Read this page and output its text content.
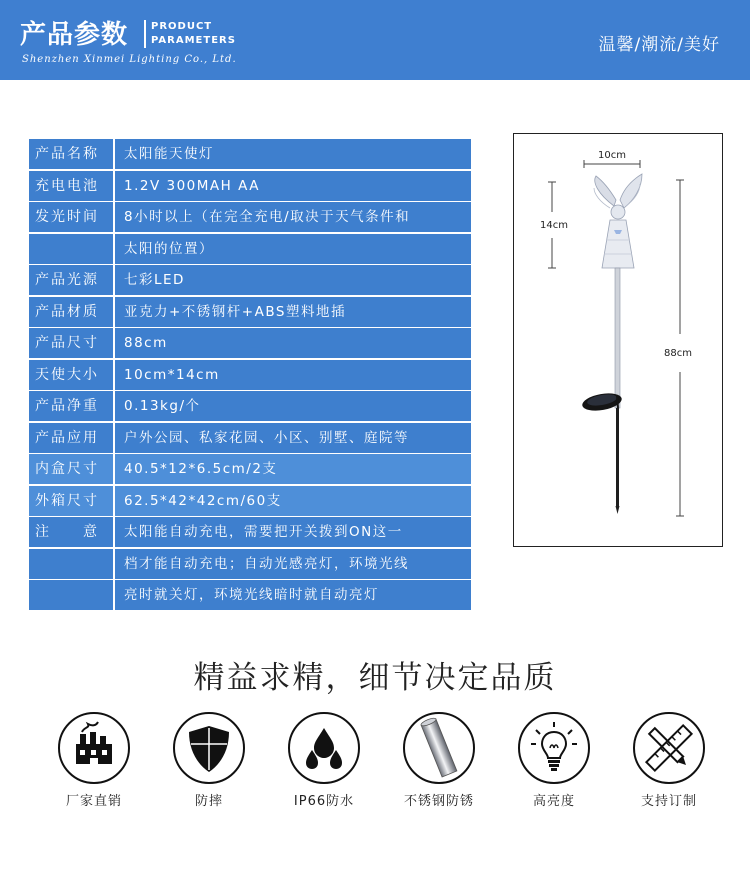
产品参数 PRODUCT
PARAMETERS
Shenzhen Xinmei Lighting Co., Ltd.
温馨/潮流/美好
产品名称	太阳能天使灯
充电电池	1.2V 300MAH AA
发光时间	8小时以上（在完全充电/取决于天气条件和
太阳的位置）
产品光源	七彩LED
产品材质	亚克力+不锈钢杆+ABS塑料地插
产品尺寸	88cm
天使大小	10cm*14cm
产品净重	0.13kg/个
产品应用	户外公园、私家花园、小区、别墅、庭院等
内盒尺寸	40.5*12*6.5cm/2支
外箱尺寸	62.5*42*42cm/60支
注　　意	太阳能自动充电，需要把开关拨到ON这一
档才能自动充电；自动光感亮灯，环境光线
亮时就关灯，环境光线暗时就自动亮灯
10cm
14cm
88cm
精益求精，细节决定品质
厂家直销	防摔	IP66防水	不锈钢防锈	高亮度	支持订制
